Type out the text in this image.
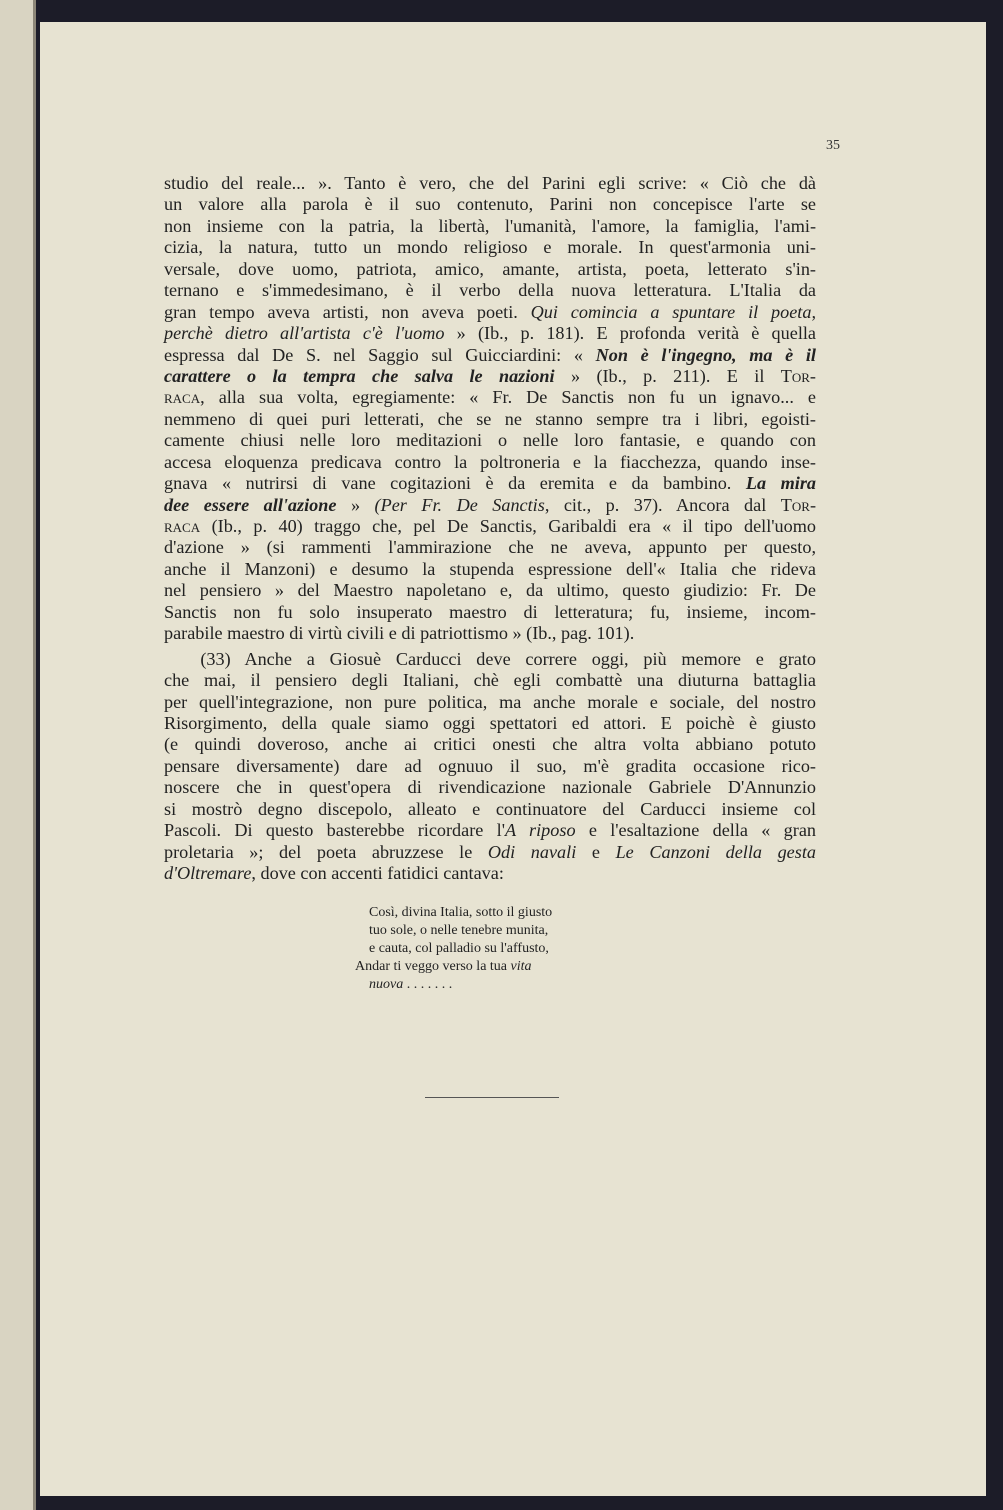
35
studio del reale... ». Tanto è vero, che del Parini egli scrive: « Ciò che dà
un valore alla parola è il suo contenuto, Parini non concepisce l'arte se
non insieme con la patria, la libertà, l'umanità, l'amore, la famiglia, l'ami-
cizia, la natura, tutto un mondo religioso e morale. In quest'armonia uni-
versale, dove uomo, patriota, amico, amante, artista, poeta, letterato s'in-
ternano e s'immedesimano, è il verbo della nuova letteratura. L'Italia da
gran tempo aveva artisti, non aveva poeti. Qui comincia a spuntare il poeta,
perchè dietro all'artista c'è l'uomo » (Ib., p. 181). E profonda verità è quella
espressa dal De S. nel Saggio sul Guicciardini: « Non è l'ingegno, ma è il
carattere o la tempra che salva le nazioni » (Ib., p. 211). E il Tor-
raca, alla sua volta, egregiamente: « Fr. De Sanctis non fu un ignavo... e
nemmeno di quei puri letterati, che se ne stanno sempre tra i libri, egoisti-
camente chiusi nelle loro meditazioni o nelle loro fantasie, e quando con
accesa eloquenza predicava contro la poltroneria e la fiacchezza, quando inse-
gnava « nutrirsi di vane cogitazioni è da eremita e da bambino. La mira
dee essere all'azione » (Per Fr. De Sanctis, cit., p. 37). Ancora dal Tor-
raca (Ib., p. 40) traggo che, pel De Sanctis, Garibaldi era « il tipo dell'uomo
d'azione » (si rammenti l'ammirazione che ne aveva, appunto per questo,
anche il Manzoni) e desumo la stupenda espressione dell'« Italia che rideva
nel pensiero » del Maestro napoletano e, da ultimo, questo giudizio: Fr. De
Sanctis non fu solo insuperato maestro di letteratura; fu, insieme, incom-
parabile maestro di virtù civili e di patriottismo » (Ib., pag. 101).
  (33) Anche a Giosuè Carducci deve correre oggi, più memore e grato
che mai, il pensiero degli Italiani, chè egli combattè una diuturna battaglia
per quell'integrazione, non pure politica, ma anche morale e sociale, del nostro
Risorgimento, della quale siamo oggi spettatori ed attori. E poichè è giusto
(e quindi doveroso, anche ai critici onesti che altra volta abbiano potuto
pensare diversamente) dare ad ognuuo il suo, m'è gradita occasione rico-
noscere che in quest'opera di rivendicazione nazionale Gabriele D'Annunzio
si mostrò degno discepolo, alleato e continuatore del Carducci insieme col
Pascoli. Di questo basterebbe ricordare l'A riposo e l'esaltazione della « gran
proletaria »; del poeta abruzzese le Odi navali e Le Canzoni della gesta
d'Oltremare, dove con accenti fatidici cantava:
 Così, divina Italia, sotto il giusto
 tuo sole, o nelle tenebre munita,
 e cauta, col palladio su l'affusto,
Andar ti veggo verso la tua vita
 nuova . . . . . . .
